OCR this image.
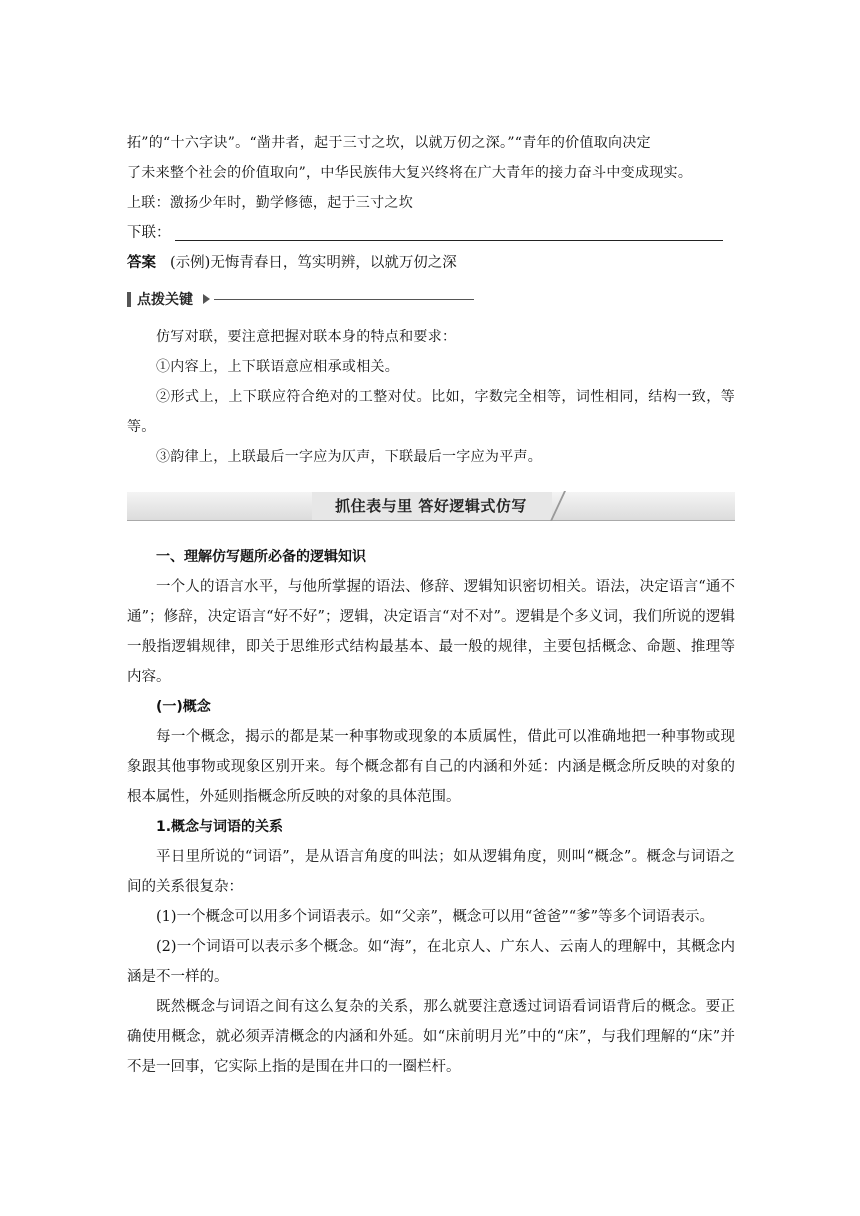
拓”的“十六字诀”。“凿井者，起于三寸之坎，以就万仞之深。”“青年的价值取向决定

了未来整个社会的价值取向”，中华民族伟大复兴终将在广大青年的接力奋斗中变成现实。

上联：激扬少年时，勤学修德，起于三寸之坎

下联：

答案 (示例)无悔青春日，笃实明辨，以就万仞之深

点拨关键

仿写对联，要注意把握对联本身的特点和要求：

①内容上，上下联语意应相承或相关。

②形式上，上下联应符合绝对的工整对仗。比如，字数完全相等，词性相同，结构一致，等等。

③韵律上，上联最后一字应为仄声，下联最后一字应为平声。

抓住表与里 答好逻辑式仿写

一、理解仿写题所必备的逻辑知识

一个人的语言水平，与他所掌握的语法、修辞、逻辑知识密切相关。语法，决定语言“通不通”；修辞，决定语言“好不好”；逻辑，决定语言“对不对”。逻辑是个多义词，我们所说的逻辑一般指逻辑规律，即关于思维形式结构最基本、最一般的规律，主要包括概念、命题、推理等内容。

(一)概念

每一个概念，揭示的都是某一种事物或现象的本质属性，借此可以准确地把一种事物或现象跟其他事物或现象区别开来。每个概念都有自己的内涵和外延：内涵是概念所反映的对象的根本属性，外延则指概念所反映的对象的具体范围。

1.概念与词语的关系

平日里所说的“词语”，是从语言角度的叫法；如从逻辑角度，则叫“概念”。概念与词语之间的关系很复杂：

(1)一个概念可以用多个词语表示。如“父亲”，概念可以用“爸爸”“爹”等多个词语表示。

(2)一个词语可以表示多个概念。如“海”，在北京人、广东人、云南人的理解中，其概念内涵是不一样的。

既然概念与词语之间有这么复杂的关系，那么就要注意透过词语看词语背后的概念。要正确使用概念，就必须弄清概念的内涵和外延。如“床前明月光”中的“床”，与我们理解的“床”并不是一回事，它实际上指的是围在井口的一圈栏杆。
